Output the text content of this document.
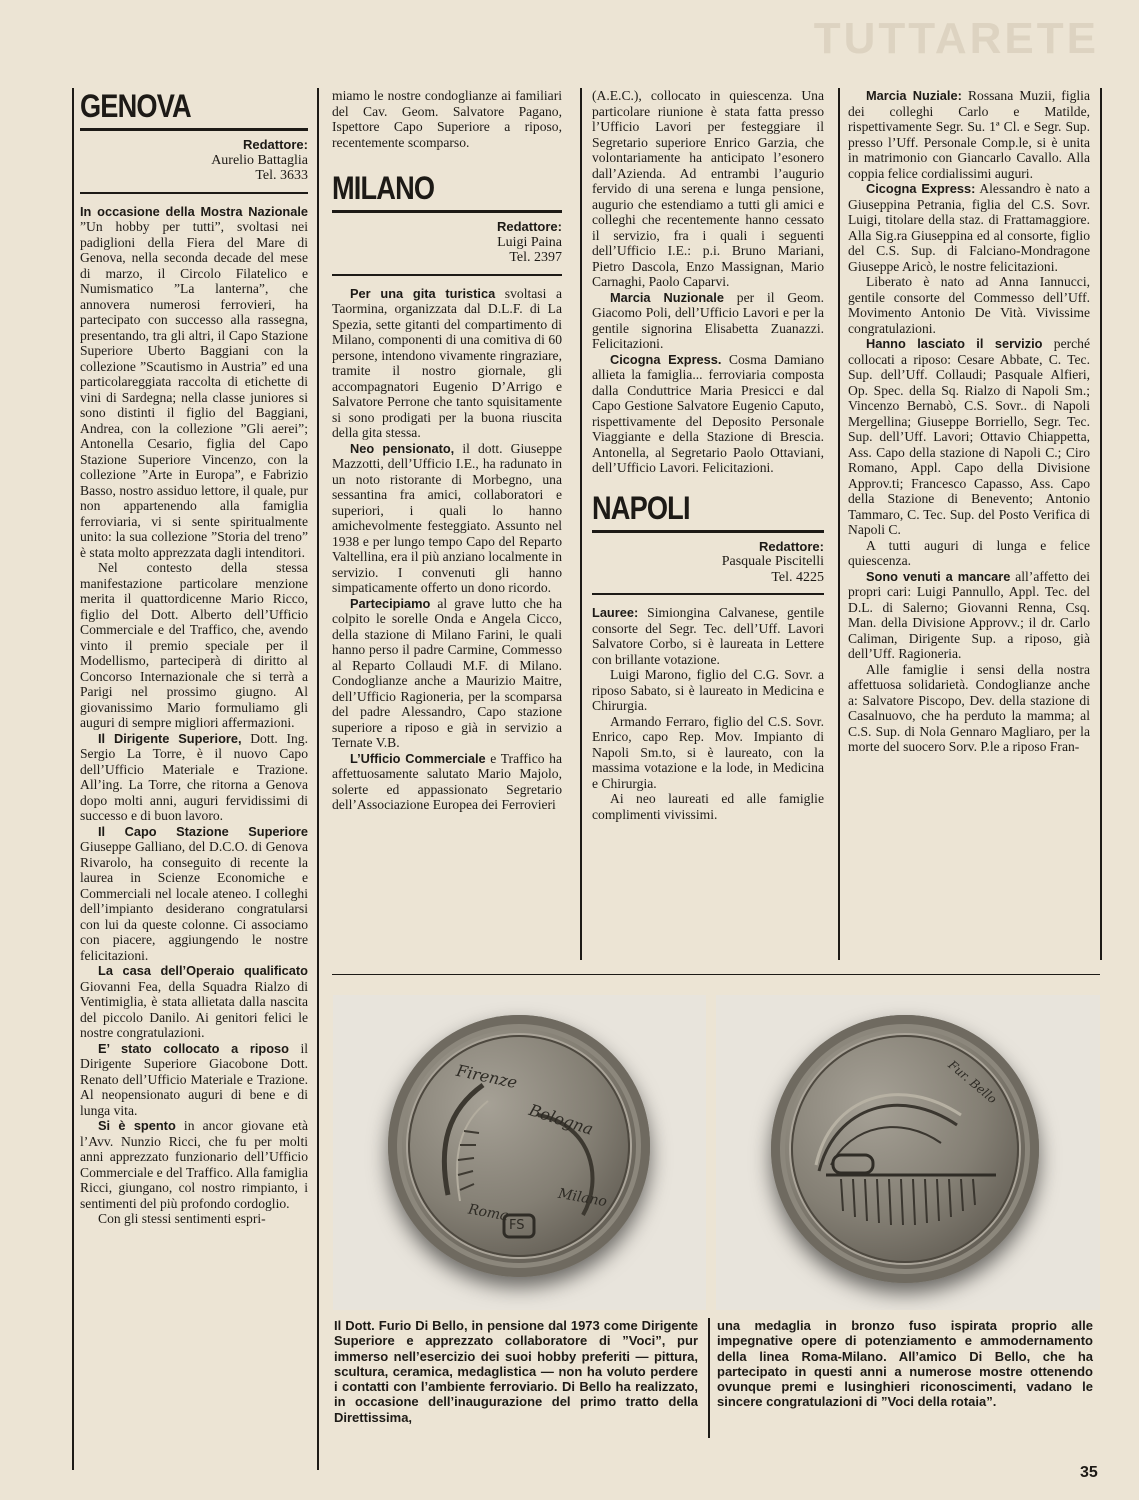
TUTTARETE
GENOVA
Redattore:
Aurelio Battaglia
Tel. 3633

In occasione della Mostra Nazionale ”Un hobby per tutti”, svoltasi nei padiglioni della Fiera del Mare di Genova, nella seconda decade del mese di marzo, il Circolo Filatelico e Numismatico ”La lanterna”, che annovera numerosi ferrovieri, ha partecipato con successo alla rassegna, presentando, tra gli altri, il Capo Stazione Superiore Uberto Baggiani con la collezione ”Scautismo in Austria” ed una particolareggiata raccolta di etichette di vini di Sardegna; nella classe juniores si sono distinti il figlio del Baggiani, Andrea, con la collezione ”Gli aerei”; Antonella Cesario, figlia del Capo Stazione Superiore Vincenzo, con la collezione ”Arte in Europa”, e Fabrizio Basso, nostro assiduo lettore, il quale, pur non appartenendo alla famiglia ferroviaria, vi si sente spiritualmente unito: la sua collezione ”Storia del treno” è stata molto apprezzata dagli intenditori.

Nel contesto della stessa manifestazione particolare menzione merita il quattordicenne Mario Ricco, figlio del Dott. Alberto dell’Ufficio Commerciale e del Traffico, che, avendo vinto il premio speciale per il Modellismo, parteciperà di diritto al Concorso Internazionale che si terrà a Parigi nel prossimo giugno. Al giovanissimo Mario formuliamo gli auguri di sempre migliori affermazioni.

Il Dirigente Superiore, Dott. Ing. Sergio La Torre, è il nuovo Capo dell’Ufficio Materiale e Trazione. All’ing. La Torre, che ritorna a Genova dopo molti anni, auguri fervidissimi di successo e di buon lavoro.

Il Capo Stazione Superiore Giuseppe Galliano, del D.C.O. di Genova Rivarolo, ha conseguito di recente la laurea in Scienze Economiche e Commerciali nel locale ateneo. I colleghi dell’impianto desiderano congratularsi con lui da queste colonne. Ci associamo con piacere, aggiungendo le nostre felicitazioni.

La casa dell’Operaio qualificato Giovanni Fea, della Squadra Rialzo di Ventimiglia, è stata allietata dalla nascita del piccolo Danilo. Ai genitori felici le nostre congratulazioni.

E’ stato collocato a riposo il Dirigente Superiore Giacobone Dott. Renato dell’Ufficio Materiale e Trazione. Al neopensionato auguri di bene e di lunga vita.

Si è spento in ancor giovane età l’Avv. Nunzio Ricci, che fu per molti anni apprezzato funzionario dell’Ufficio Commerciale e del Traffico. Alla famiglia Ricci, giungano, col nostro rimpianto, i sentimenti del più profondo cordoglio.

Con gli stessi sentimenti espri-

miamo le nostre condoglianze ai familiari del Cav. Geom. Salvatore Pagano, Ispettore Capo Superiore a riposo, recentemente scomparso.

MILANO
Redattore:
Luigi Paina
Tel. 2397

Per una gita turistica svoltasi a Taormina, organizzata dal D.L.F. di La Spezia, sette gitanti del compartimento di Milano, componenti di una comitiva di 60 persone, intendono vivamente ringraziare, tramite il nostro giornale, gli accompagnatori Eugenio D’Arrigo e Salvatore Perrone che tanto squisitamente si sono prodigati per la buona riuscita della gita stessa.

Neo pensionato, il dott. Giuseppe Mazzotti, dell’Ufficio I.E., ha radunato in un noto ristorante di Morbegno, una sessantina fra amici, collaboratori e superiori, i quali lo hanno amichevolmente festeggiato. Assunto nel 1938 e per lungo tempo Capo del Reparto Valtellina, era il più anziano localmente in servizio. I convenuti gli hanno simpaticamente offerto un dono ricordo.

Partecipiamo al grave lutto che ha colpito le sorelle Onda e Angela Cicco, della stazione di Milano Farini, le quali hanno perso il padre Carmine, Commesso al Reparto Collaudi M.F. di Milano. Condoglianze anche a Maurizio Maitre, dell’Ufficio Ragioneria, per la scomparsa del padre Alessandro, Capo stazione superiore a riposo e già in servizio a Ternate V.B.

L’Ufficio Commerciale e Traffico ha affettuosamente salutato Mario Majolo, solerte ed appassionato Segretario dell’Associazione Europea dei Ferrovieri

(A.E.C.), collocato in quiescenza. Una particolare riunione è stata fatta presso l’Ufficio Lavori per festeggiare il Segretario superiore Enrico Garzia, che volontariamente ha anticipato l’esonero dall’Azienda. Ad entrambi l’augurio fervido di una serena e lunga pensione, augurio che estendiamo a tutti gli amici e colleghi che recentemente hanno cessato il servizio, fra i quali i seguenti dell’Ufficio I.E.: p.i. Bruno Mariani, Pietro Dascola, Enzo Massignan, Mario Carnaghi, Paolo Caparvi.

Marcia Nuzionale per il Geom. Giacomo Poli, dell’Ufficio Lavori e per la gentile signorina Elisabetta Zuanazzi. Felicitazioni.

Cicogna Express. Cosma Damiano allieta la famiglia... ferroviaria composta dalla Conduttrice Maria Presicci e dal Capo Gestione Salvatore Eugenio Caputo, rispettivamente del Deposito Personale Viaggiante e della Stazione di Brescia. Antonella, al Segretario Paolo Ottaviani, dell’Ufficio Lavori. Felicitazioni.

NAPOLI
Redattore:
Pasquale Piscitelli
Tel. 4225

Lauree: Simiongina Calvanese, gentile consorte del Segr. Tec. dell’Uff. Lavori Salvatore Corbo, si è laureata in Lettere con brillante votazione.

Luigi Marono, figlio del C.G. Sovr. a riposo Sabato, si è laureato in Medicina e Chirurgia.

Armando Ferraro, figlio del C.S. Sovr. Enrico, capo Rep. Mov. Impianto di Napoli Sm.to, si è laureato, con la massima votazione e la lode, in Medicina e Chirurgia.

Ai neo laureati ed alle famiglie complimenti vivissimi.

Marcia Nuziale: Rossana Muzii, figlia dei colleghi Carlo e Matilde, rispettivamente Segr. Su. 1ª Cl. e Segr. Sup. presso l’Uff. Personale Comp.le, si è unita in matrimonio con Giancarlo Cavallo. Alla coppia felice cordialissimi auguri.

Cicogna Express: Alessandro è nato a Giuseppina Petrania, figlia del C.S. Sovr. Luigi, titolare della staz. di Frattamaggiore. Alla Sig.ra Giuseppina ed al consorte, figlio del C.S. Sup. di Falciano-Mondragone Giuseppe Aricò, le nostre felicitazioni.

Liberato è nato ad Anna Iannucci, gentile consorte del Commesso dell’Uff. Movimento Antonio De Vità. Vivissime congratulazioni.

Hanno lasciato il servizio perché collocati a riposo: Cesare Abbate, C. Tec. Sup. dell’Uff. Collaudi; Pasquale Alfieri, Op. Spec. della Sq. Rialzo di Napoli Sm.; Vincenzo Bernabò, C.S. Sovr.. di Napoli Mergellina; Giuseppe Borriello, Segr. Tec. Sup. dell’Uff. Lavori; Ottavio Chiappetta, Ass. Capo della stazione di Napoli C.; Ciro Romano, Appl. Capo della Divisione Approv.ti; Francesco Capasso, Ass. Capo della Stazione di Benevento; Antonio Tammaro, C. Tec. Sup. del Posto Verifica di Napoli C.

A tutti auguri di lunga e felice quiescenza.

Sono venuti a mancare all’affetto dei propri cari: Luigi Pannullo, Appl. Tec. del D.L. di Salerno; Giovanni Renna, Csq. Man. della Divisione Approvv.; il dr. Carlo Caliman, Dirigente Sup. a riposo, già dell’Uff. Ragioneria.

Alle famiglie i sensi della nostra affettuosa solidarietà. Condoglianze anche a: Salvatore Piscopo, Dev. della stazione di Casalnuovo, che ha perduto la mamma; al C.S. Sup. di Nola Gennaro Magliaro, per la morte del suocero Sorv. P.le a riposo Fran-

Firenze
Bologna
Roma
Milano
FS
Fur. Bello
Il Dott. Furio Di Bello, in pensione dal 1973 come Dirigente Superiore e apprezzato collaboratore di ”Voci”, pur immerso nell’esercizio dei suoi hobby preferiti — pittura, scultura, ceramica, medaglistica — non ha voluto perdere i contatti con l’ambiente ferroviario. Di Bello ha realizzato, in occasione dell’inaugurazione del primo tratto della Direttissima,
una medaglia in bronzo fuso ispirata proprio alle impegnative opere di potenziamento e ammodernamento della linea Roma-Milano. All’amico Di Bello, che ha partecipato in questi anni a numerose mostre ottenendo ovunque premi e lusinghieri riconoscimenti, vadano le sincere congratulazioni di ”Voci della rotaia”.
35
